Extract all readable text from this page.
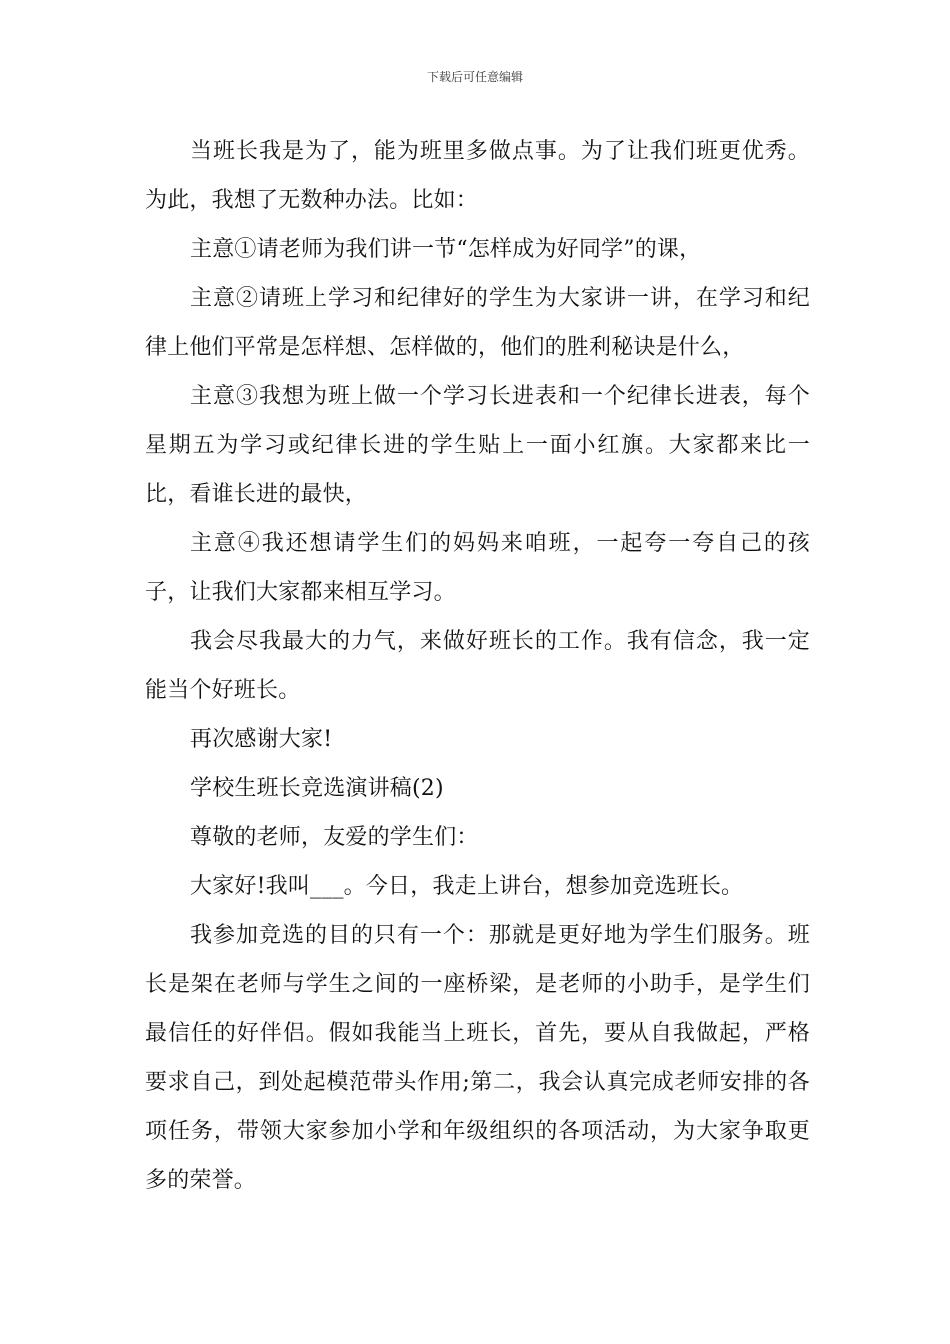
下载后可任意编辑

当班长我是为了，能为班里多做点事。为了让我们班更优秀。为此，我想了无数种办法。比如：

主意①请老师为我们讲一节“怎样成为好同学”的课，

主意②请班上学习和纪律好的学生为大家讲一讲，在学习和纪律上他们平常是怎样想、怎样做的，他们的胜利秘诀是什么，

主意③我想为班上做一个学习长进表和一个纪律长进表，每个星期五为学习或纪律长进的学生贴上一面小红旗。大家都来比一比，看谁长进的最快，

主意④我还想请学生们的妈妈来咱班，一起夸一夸自己的孩子，让我们大家都来相互学习。

我会尽我最大的力气，来做好班长的工作。我有信念，我一定能当个好班长。

再次感谢大家!

学校生班长竞选演讲稿(2)

尊敬的老师，友爱的学生们：

大家好!我叫___。今日，我走上讲台，想参加竞选班长。

我参加竞选的目的只有一个：那就是更好地为学生们服务。班长是架在老师与学生之间的一座桥梁，是老师的小助手，是学生们最信任的好伴侣。假如我能当上班长，首先，要从自我做起，严格要求自己，到处起模范带头作用;第二，我会认真完成老师安排的各项任务，带领大家参加小学和年级组织的各项活动，为大家争取更多的荣誉。
